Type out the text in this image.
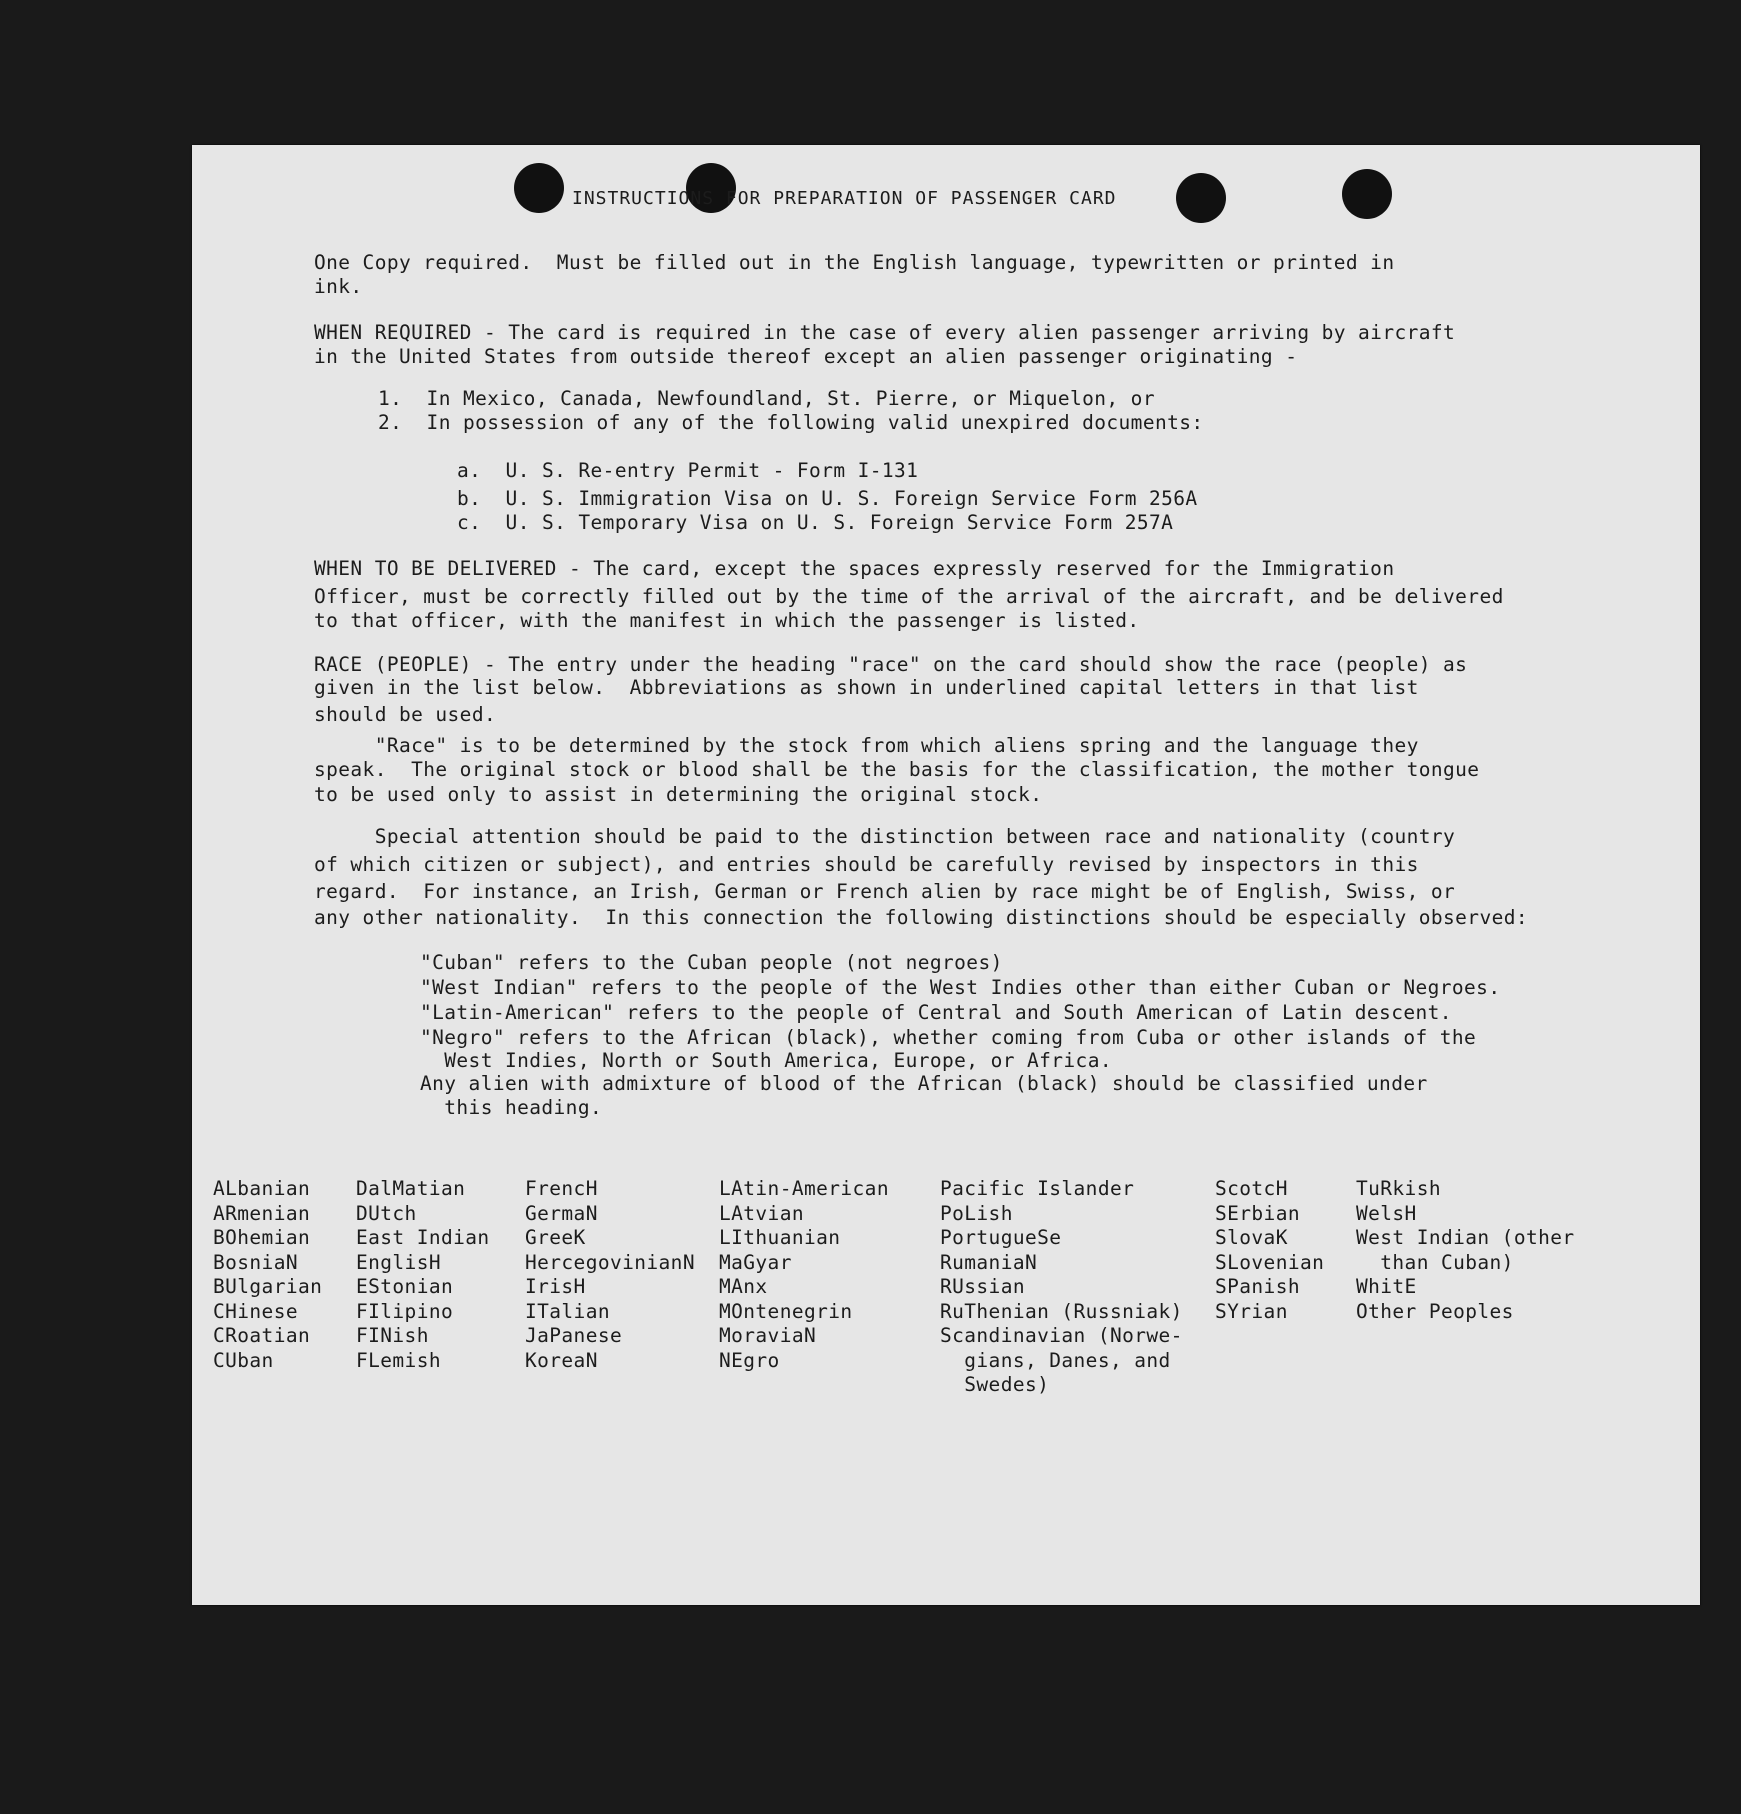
INSTRUCTIONS FOR PREPARATION OF PASSENGER CARD
One Copy required.  Must be filled out in the English language, typewritten or printed in
ink.
WHEN REQUIRED - The card is required in the case of every alien passenger arriving by aircraft
in the United States from outside thereof except an alien passenger originating -
1.  In Mexico, Canada, Newfoundland, St. Pierre, or Miquelon, or
2.  In possession of any of the following valid unexpired documents:
a.  U. S. Re-entry Permit - Form I-131
b.  U. S. Immigration Visa on U. S. Foreign Service Form 256A
c.  U. S. Temporary Visa on U. S. Foreign Service Form 257A
WHEN TO BE DELIVERED - The card, except the spaces expressly reserved for the Immigration
Officer, must be correctly filled out by the time of the arrival of the aircraft, and be delivered
to that officer, with the manifest in which the passenger is listed.
RACE (PEOPLE) - The entry under the heading "race" on the card should show the race (people) as
given in the list below.  Abbreviations as shown in underlined capital letters in that list
should be used.
"Race" is to be determined by the stock from which aliens spring and the language they
speak.  The original stock or blood shall be the basis for the classification, the mother tongue
to be used only to assist in determining the original stock.
Special attention should be paid to the distinction between race and nationality (country
of which citizen or subject), and entries should be carefully revised by inspectors in this
regard.  For instance, an Irish, German or French alien by race might be of English, Swiss, or
any other nationality.  In this connection the following distinctions should be especially observed:
"Cuban" refers to the Cuban people (not negroes)
"West Indian" refers to the people of the West Indies other than either Cuban or Negroes.
"Latin-American" refers to the people of Central and South American of Latin descent.
"Negro" refers to the African (black), whether coming from Cuba or other islands of the
West Indies, North or South America, Europe, or Africa.
Any alien with admixture of blood of the African (black) should be classified under
this heading.
ALbanian
ARmenian
BOhemian
BosniaN
BUlgarian
CHinese
CRoatian
CUban
DalMatian
DUtch
East Indian
EnglisH
EStonian
FIlipino
FINish
FLemish
FrencH
GermaN
GreeK
HercegovinianN
IrisH
ITalian
JaPanese
KoreaN
LAtin-American
LAtvian
LIthuanian
MaGyar
MAnx
MOntenegrin
MoraviaN
NEgro
Pacific Islander
PoLish
PortugueSe
RumaniaN
RUssian
RuThenian (Russniak)
Scandinavian (Norwe-
gians, Danes, and
Swedes)
ScotcH
SErbian
SlovaK
SLovenian
SPanish
SYrian
TuRkish
WelsH
West Indian (other
than Cuban)
WhitE
Other Peoples
